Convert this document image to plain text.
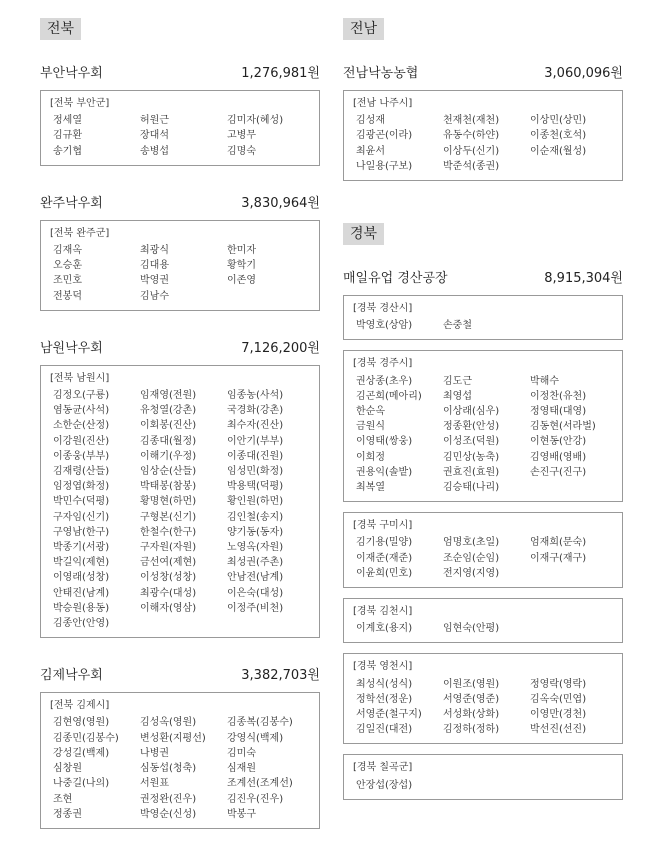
전북
부안낙우회	1,276,981원
[전북 부안군]
정세열	허원근	김미자(혜성)
김규환	장대석	고병무
송기협	송병섭	김명숙
완주낙우회	3,830,964원
[전북 완주군]
김재옥	최광식	한미자
오승훈	김대용	황학기
조민호	박영권	이존영
전봉덕	김남수
남원낙우회	7,126,200원
[전북 남원시]
김정오(구룡)	임재영(전원)	임종농(사석)
염동균(사석)	유청열(강촌)	국경화(강촌)
소한순(산정)	이회봉(진산)	최수자(진산)
이강원(진산)	김종대(월정)	이안기(부부)
이종웅(부부)	이해기(우정)	이종대(진원)
김재령(산들)	임상순(산들)	임성민(화정)
임정엽(화정)	박태봉(참봉)	박용택(덕평)
박민수(덕평)	황명현(하먼)	황인원(하먼)
구자임(신기)	구형본(신기)	김인철(송지)
구영남(한구)	한철수(한구)	양기동(동자)
박종기(서광)	구자원(자원)	노영옥(자원)
박길익(제현)	금선여(제현)	최성권(주촌)
이영래(성창)	이성창(성창)	안남전(남계)
안태진(남계)	최광수(대성)	이은숙(대성)
박승원(용동)	이해자(영삼)	이정주(비천)
김종안(안영)
김제낙우회	3,382,703원
[전북 김제시]
김현영(영원)	김성옥(영원)	김종복(김봉수)
김종민(김봉수)	변성환(지평선)	강영식(백제)
강성길(백제)	나병권	김미숙
심창원	심동섭(청축)	심재원
나중길(나의)	서원표	조계선(조계선)
조현	권정완(진우)	김진우(진우)
정종권	박영순(신성)	박봉구
전남
전남낙농농협	3,060,096원
[전남 나주시]
김성재	천재천(재천)	이상민(상민)
김광곤(이라)	유동수(하얀)	이종천(호석)
최윤서	이상두(신기)	이순재(월성)
나일용(구보)	박준석(종권)
경북
매일유업 경산공장	8,915,304원
[경북 경산시]
박영호(상암)	손중철
[경북 경주시]
권상종(초우)	김도근	박해수
김곤희(메아리)	최영섭	이정찬(유천)
한순옥	이상래(심우)	정영태(대영)
금원식	정종환(안성)	김동현(서라벌)
이영태(쌍웅)	이성조(덕원)	이현동(안강)
이희정	김민상(농축)	김영배(영배)
권용익(솔밭)	권효진(효원)	손진구(진구)
최복열	김승태(나리)
[경북 구미시]
김기용(밀양)	엄명호(초일)	엄재희(문숙)
이재준(재준)	조순임(순임)	이재구(재구)
이윤희(민호)	전지영(지영)
[경북 김천시]
이계호(용지)	임현숙(안평)
[경북 영천시]
최성식(성식)	이원조(영원)	정영락(영락)
정학선(정운)	서영준(영준)	김옥숙(민엽)
서영준(철구지)	서성화(상화)	이영만(경천)
김일진(대전)	김정하(정하)	박선진(선진)
[경북 칠곡군]
안장섭(장섭)
